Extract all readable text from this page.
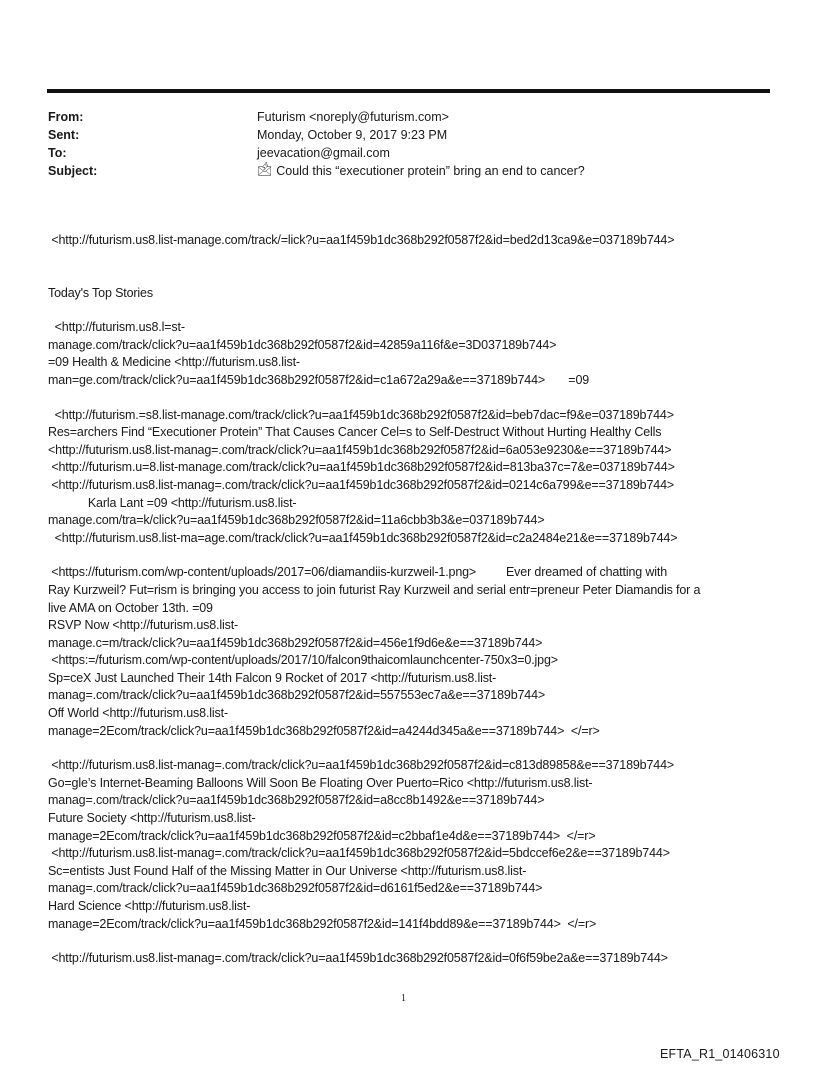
From:	Futurism <noreply@futurism.com>
Sent:	Monday, October 9, 2017 9:23 PM
To:	jeevacation@gmail.com
Subject:	🖄 Could this “executioner protein” bring an end to cancer?

<http://futurism.us8.list-manage.com/track/=lick?u=aa1f459b1dc368b292f0587f2&id=bed2d13ca9&e=037189b744>

Today's Top Stories

<http://futurism.us8.l=st-

manage.com/track/click?u=aa1f459b1dc368b292f0587f2&id=42859a116f&e=3D037189b744>

=09 Health & Medicine <http://futurism.us8.list-

man=ge.com/track/click?u=aa1f459b1dc368b292f0587f2&id=c1a672a29a&e==37189b744>       =09

<http://futurism.=s8.list-manage.com/track/click?u=aa1f459b1dc368b292f0587f2&id=beb7dac=f9&e=037189b744>

Res=archers Find “Executioner Protein” That Causes Cancer Cel=s to Self-Destruct Without Hurting Healthy Cells

<http://futurism.us8.list-manag=.com/track/click?u=aa1f459b1dc368b292f0587f2&id=6a053e9230&e==37189b744>

<http://futurism.u=8.list-manage.com/track/click?u=aa1f459b1dc368b292f0587f2&id=813ba37c=7&e=037189b744>

<http://futurism.us8.list-manag=.com/track/click?u=aa1f459b1dc368b292f0587f2&id=0214c6a799&e==37189b744>

Karla Lant =09 <http://futurism.us8.list-

manage.com/tra=k/click?u=aa1f459b1dc368b292f0587f2&id=11a6cbb3b3&e=037189b744>

<http://futurism.us8.list-ma=age.com/track/click?u=aa1f459b1dc368b292f0587f2&id=c2a2484e21&e==37189b744>

<https://futurism.com/wp-content/uploads/2017=06/diamandiis-kurzweil-1.png>         Ever dreamed of chatting with

Ray Kurzweil? Fut=rism is bringing you access to join futurist Ray Kurzweil and serial entr=preneur Peter Diamandis for a

live AMA on October 13th. =09

RSVP Now <http://futurism.us8.list-

manage.c=m/track/click?u=aa1f459b1dc368b292f0587f2&id=456e1f9d6e&e==37189b744>

<https:=/futurism.com/wp-content/uploads/2017/10/falcon9thaicomlaunchcenter-750x3=0.jpg>

Sp=ceX Just Launched Their 14th Falcon 9 Rocket of 2017 <http://futurism.us8.list-

manag=.com/track/click?u=aa1f459b1dc368b292f0587f2&id=557553ec7a&e==37189b744>

Off World <http://futurism.us8.list-

manage=2Ecom/track/click?u=aa1f459b1dc368b292f0587f2&id=a4244d345a&e==37189b744>  </=r>

<http://futurism.us8.list-manag=.com/track/click?u=aa1f459b1dc368b292f0587f2&id=c813d89858&e==37189b744>

Go=gle’s Internet-Beaming Balloons Will Soon Be Floating Over Puerto=Rico <http://futurism.us8.list-

manag=.com/track/click?u=aa1f459b1dc368b292f0587f2&id=a8cc8b1492&e==37189b744>

Future Society <http://futurism.us8.list-

manage=2Ecom/track/click?u=aa1f459b1dc368b292f0587f2&id=c2bbaf1e4d&e==37189b744>  </=r>

<http://futurism.us8.list-manag=.com/track/click?u=aa1f459b1dc368b292f0587f2&id=5bdccef6e2&e==37189b744>

Sc=entists Just Found Half of the Missing Matter in Our Universe <http://futurism.us8.list-

manag=.com/track/click?u=aa1f459b1dc368b292f0587f2&id=d6161f5ed2&e==37189b744>

Hard Science <http://futurism.us8.list-

manage=2Ecom/track/click?u=aa1f459b1dc368b292f0587f2&id=141f4bdd89&e==37189b744>  </=r>

<http://futurism.us8.list-manag=.com/track/click?u=aa1f459b1dc368b292f0587f2&id=0f6f59be2a&e==37189b744>

1
EFTA_R1_01406310
